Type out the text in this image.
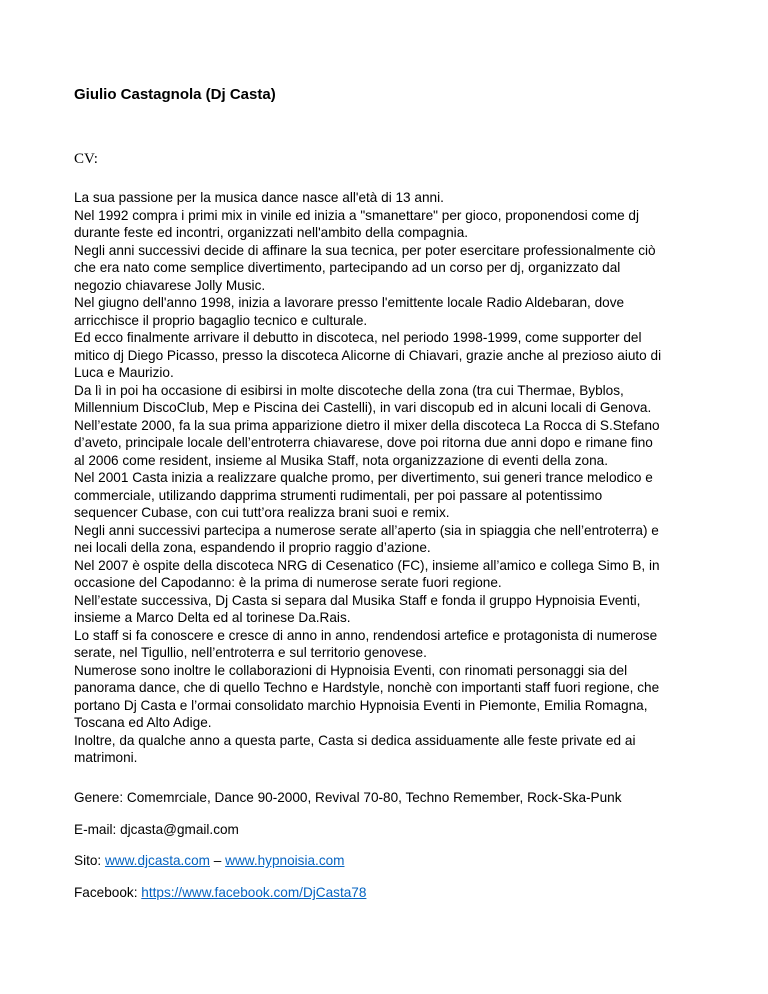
Giulio Castagnola (Dj Casta)
CV:
La sua passione per la musica dance nasce all'età di 13 anni.
Nel 1992 compra i primi mix in vinile ed inizia a "smanettare" per gioco, proponendosi come dj
durante feste ed incontri, organizzati nell'ambito della compagnia.
Negli anni successivi decide di affinare la sua tecnica, per poter esercitare professionalmente ciò
che era nato come semplice divertimento, partecipando ad un corso per dj, organizzato dal
negozio chiavarese Jolly Music.
Nel giugno dell'anno 1998, inizia a lavorare presso l'emittente locale Radio Aldebaran, dove
arricchisce il proprio bagaglio tecnico e culturale.
Ed ecco finalmente arrivare il debutto in discoteca, nel periodo 1998-1999, come supporter del
mitico dj Diego Picasso, presso la discoteca Alicorne di Chiavari, grazie anche al prezioso aiuto di
Luca e Maurizio.
Da lì in poi ha occasione di esibirsi in molte discoteche della zona (tra cui Thermae, Byblos,
Millennium DiscoClub, Mep e Piscina dei Castelli), in vari discopub ed in alcuni locali di Genova.
Nell’estate 2000, fa la sua prima apparizione dietro il mixer della discoteca La Rocca di S.Stefano
d’aveto, principale locale dell’entroterra chiavarese, dove poi ritorna due anni dopo e rimane fino
al 2006 come resident, insieme al Musika Staff, nota organizzazione di eventi della zona.
Nel 2001 Casta inizia a realizzare qualche promo, per divertimento, sui generi trance melodico e
commerciale, utilizando dapprima strumenti rudimentali, per poi passare al potentissimo
sequencer Cubase, con cui tutt’ora realizza brani suoi e remix.
Negli anni successivi partecipa a numerose serate all’aperto (sia in spiaggia che nell’entroterra) e
nei locali della zona, espandendo il proprio raggio d’azione.
Nel 2007 è ospite della discoteca NRG di Cesenatico (FC), insieme all’amico e collega Simo B, in
occasione del Capodanno: è la prima di numerose serate fuori regione.
Nell’estate successiva, Dj Casta si separa dal Musika Staff e fonda il gruppo Hypnoisia Eventi,
insieme a Marco Delta ed al torinese Da.Rais.
Lo staff si fa conoscere e cresce di anno in anno, rendendosi artefice e protagonista di numerose
serate, nel Tigullio, nell’entroterra e sul territorio genovese.
Numerose sono inoltre le collaborazioni di Hypnoisia Eventi, con rinomati personaggi sia del
panorama dance, che di quello Techno e Hardstyle, nonchè con importanti staff fuori regione, che
portano Dj Casta e l’ormai consolidato marchio Hypnoisia Eventi in Piemonte, Emilia Romagna,
Toscana ed Alto Adige.
Inoltre, da qualche anno a questa parte, Casta si dedica assiduamente alle feste private ed ai
matrimoni.
Genere: Comemrciale, Dance 90-2000, Revival 70-80, Techno Remember, Rock-Ska-Punk
E-mail: djcasta@gmail.com
Sito: www.djcasta.com – www.hypnoisia.com
Facebook: https://www.facebook.com/DjCasta78
